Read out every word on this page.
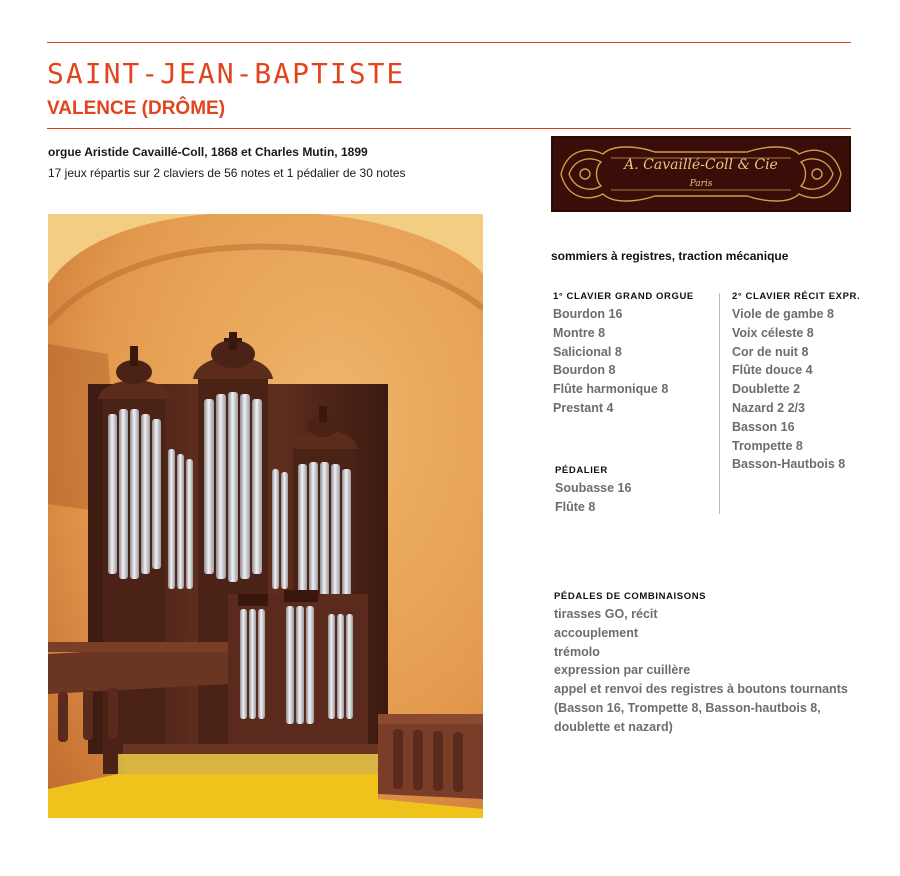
SAINT-JEAN-BAPTISTE
VALENCE (DRÔME)
orgue Aristide Cavaillé-Coll, 1868 et Charles Mutin, 1899
17 jeux répartis sur 2 claviers de 56 notes et 1 pédalier de 30 notes	A. Cavaillé-Coll & Cie
Paris
sommiers à registres, traction mécanique
1° CLAVIER GRAND ORGUE
Bourdon 16
Montre 8
Salicional 8
Bourdon 8
Flûte harmonique 8
Prestant 4
2° CLAVIER RÉCIT EXPR.
Viole de gambe 8
Voix céleste 8
Cor de nuit 8
Flûte douce 4
Doublette 2
Nazard 2 2/3
Basson 16
Trompette 8
Basson-Hautbois 8
PÉDALIER
Soubasse 16
Flûte 8
PÉDALES DE COMBINAISONS
tirasses GO, récit
accouplement
trémolo
expression par cuillère
appel et renvoi des registres à boutons tournants
(Basson 16, Trompette 8, Basson-hautbois 8,
doublette et nazard)
